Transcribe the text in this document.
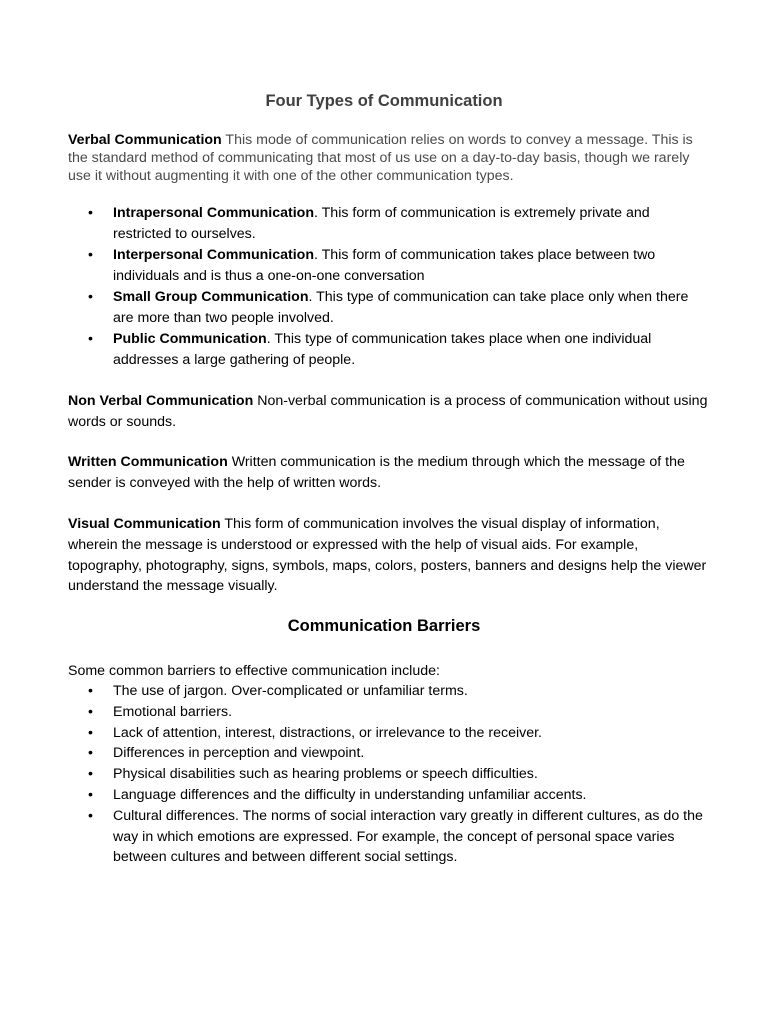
Four Types of Communication

Verbal Communication This mode of communication relies on words to convey a message. This is the standard method of communicating that most of us use on a day-to-day basis, though we rarely use it without augmenting it with one of the other communication types.

• Intrapersonal Communication. This form of communication is extremely private and restricted to ourselves.
• Interpersonal Communication. This form of communication takes place between two individuals and is thus a one-on-one conversation
• Small Group Communication. This type of communication can take place only when there are more than two people involved.
• Public Communication. This type of communication takes place when one individual addresses a large gathering of people.

Non Verbal Communication Non-verbal communication is a process of communication without using words or sounds.

Written Communication Written communication is the medium through which the message of the sender is conveyed with the help of written words.

Visual Communication This form of communication involves the visual display of information, wherein the message is understood or expressed with the help of visual aids. For example, topography, photography, signs, symbols, maps, colors, posters, banners and designs help the viewer understand the message visually.

Communication Barriers

Some common barriers to effective communication include:

• The use of jargon. Over-complicated or unfamiliar terms.
• Emotional barriers.
• Lack of attention, interest, distractions, or irrelevance to the receiver.
• Differences in perception and viewpoint.
• Physical disabilities such as hearing problems or speech difficulties.
• Language differences and the difficulty in understanding unfamiliar accents.
• Cultural differences. The norms of social interaction vary greatly in different cultures, as do the way in which emotions are expressed. For example, the concept of personal space varies between cultures and between different social settings.
